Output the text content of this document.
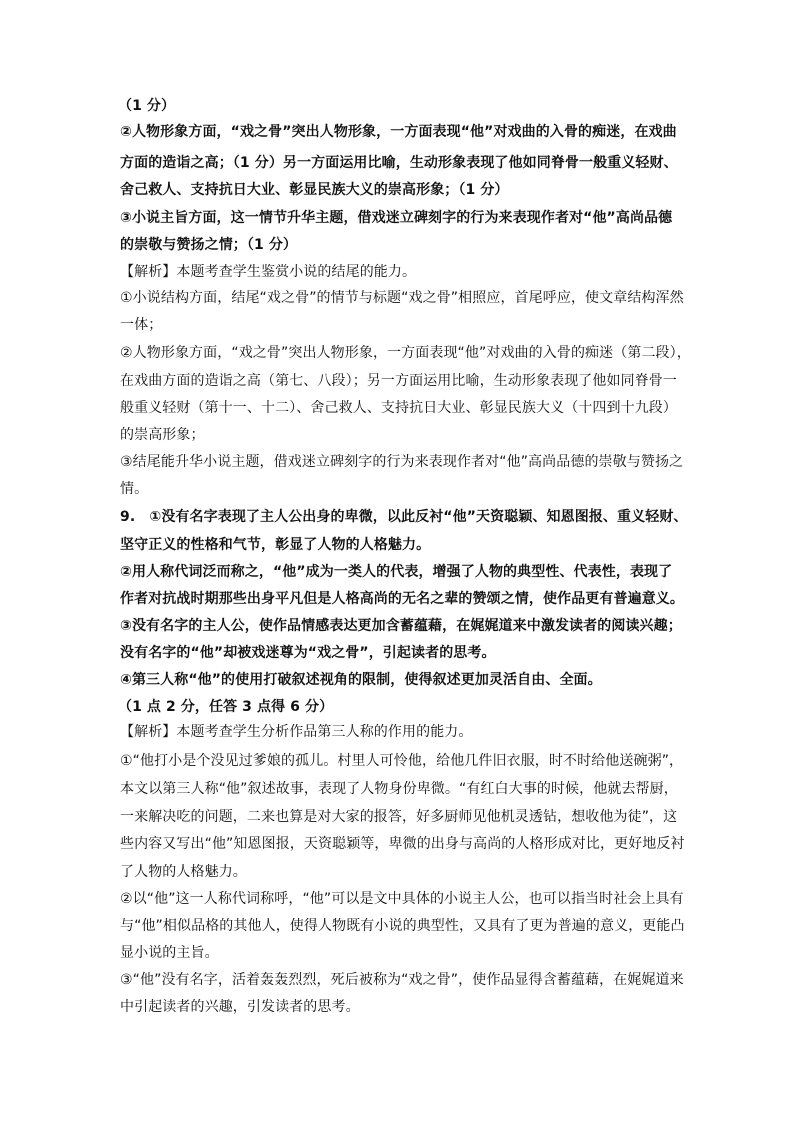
（1 分）
②人物形象方面，“戏之骨”突出人物形象，一方面表现“他”对戏曲的入骨的痴迷，在戏曲
方面的造诣之高；（1 分）另一方面运用比喻，生动形象表现了他如同脊骨一般重义轻财、
舍己救人、支持抗日大业、彰显民族大义的崇高形象；（1 分）
③小说主旨方面，这一情节升华主题，借戏迷立碑刻字的行为来表现作者对“他”高尚品德
的崇敬与赞扬之情；（1 分）
【解析】本题考查学生鉴赏小说的结尾的能力。
①小说结构方面，结尾“戏之骨”的情节与标题“戏之骨”相照应，首尾呼应，使文章结构浑然
一体；
②人物形象方面，“戏之骨”突出人物形象，一方面表现“他”对戏曲的入骨的痴迷（第二段），
在戏曲方面的造诣之高（第七、八段）；另一方面运用比喻，生动形象表现了他如同脊骨一
般重义轻财（第十一、十二）、舍己救人、支持抗日大业、彰显民族大义（十四到十九段）
的崇高形象；
③结尾能升华小说主题，借戏迷立碑刻字的行为来表现作者对“他”高尚品德的崇敬与赞扬之
情。
9.　①没有名字表现了主人公出身的卑微，以此反衬“他”天资聪颖、知恩图报、重义轻财、
坚守正义的性格和气节，彰显了人物的人格魅力。
②用人称代词泛而称之，“他”成为一类人的代表，增强了人物的典型性、代表性，表现了
作者对抗战时期那些出身平凡但是人格高尚的无名之辈的赞颂之情，使作品更有普遍意义。
③没有名字的主人公，使作品情感表达更加含蓄蕴藉，在娓娓道来中激发读者的阅读兴趣；
没有名字的“他”却被戏迷尊为“戏之骨”，引起读者的思考。
④第三人称“他”的使用打破叙述视角的限制，使得叙述更加灵活自由、全面。
（1 点 2 分，任答 3 点得 6 分）
【解析】本题考查学生分析作品第三人称的作用的能力。
①“他打小是个没见过爹娘的孤儿。村里人可怜他，给他几件旧衣服，时不时给他送碗粥”，
本文以第三人称“他”叙述故事，表现了人物身份卑微。“有红白大事的时候，他就去帮厨，
一来解决吃的问题，二来也算是对大家的报答，好多厨师见他机灵透钻，想收他为徒”，这
些内容又写出“他”知恩图报，天资聪颖等，卑微的出身与高尚的人格形成对比，更好地反衬
了人物的人格魅力。
②以“他”这一人称代词称呼，“他”可以是文中具体的小说主人公，也可以指当时社会上具有
与“他”相似品格的其他人，使得人物既有小说的典型性，又具有了更为普遍的意义，更能凸
显小说的主旨。
③“他”没有名字，活着轰轰烈烈，死后被称为“戏之骨”，使作品显得含蓄蕴藉，在娓娓道来
中引起读者的兴趣，引发读者的思考。
